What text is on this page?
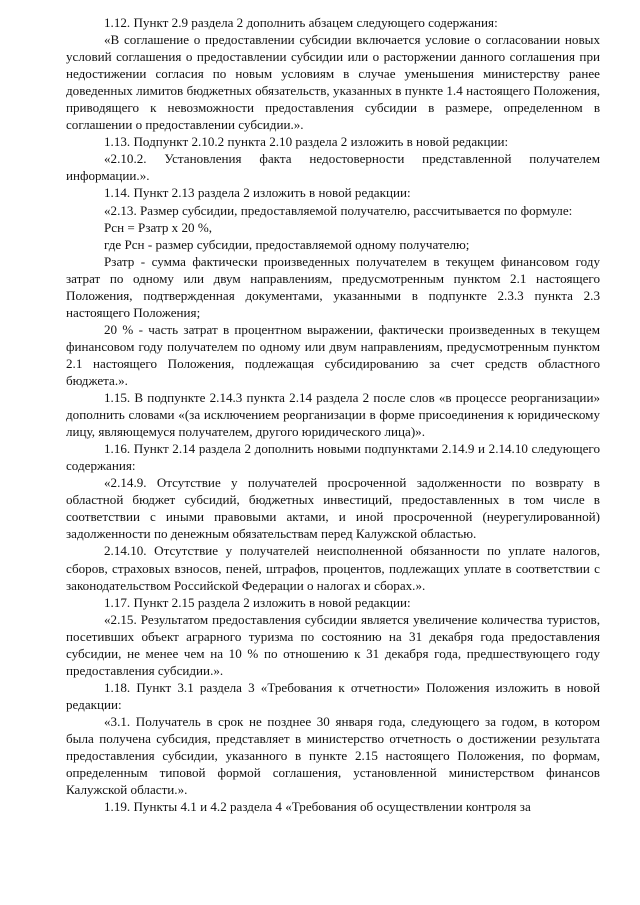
1.12. Пункт 2.9 раздела 2 дополнить абзацем следующего содержания:

«В соглашение о предоставлении субсидии включается условие о согласовании новых условий соглашения о предоставлении субсидии или о расторжении данного соглашения при недостижении согласия по новым условиям в случае уменьшения министерству ранее доведенных лимитов бюджетных обязательств, указанных в пункте 1.4 настоящего Положения, приводящего к невозможности предоставления субсидии в размере, определенном в соглашении о предоставлении субсидии.».

1.13. Подпункт 2.10.2 пункта 2.10 раздела 2 изложить в новой редакции:

«2.10.2. Установления факта недостоверности представленной получателем информации.».

1.14. Пункт 2.13 раздела 2 изложить в новой редакции:

«2.13. Размер субсидии, предоставляемой получателю, рассчитывается по формуле:

Рсн = Рзатр х 20 %,

где Рсн - размер субсидии, предоставляемой одному получателю;

Рзатр - сумма фактически произведенных получателем в текущем финансовом году затрат по одному или двум направлениям, предусмотренным пунктом 2.1 настоящего Положения, подтвержденная документами, указанными в подпункте 2.3.3 пункта 2.3 настоящего Положения;

20 % - часть затрат в процентном выражении, фактически произведенных в текущем финансовом году получателем по одному или двум направлениям, предусмотренным пунктом 2.1 настоящего Положения, подлежащая субсидированию за счет средств областного бюджета.».

1.15. В подпункте 2.14.3 пункта 2.14 раздела 2 после слов «в процессе реорганизации» дополнить словами «(за исключением реорганизации в форме присоединения к юридическому лицу, являющемуся получателем, другого юридического лица)».

1.16. Пункт 2.14 раздела 2 дополнить новыми подпунктами 2.14.9 и 2.14.10 следующего содержания:

«2.14.9. Отсутствие у получателей просроченной задолженности по возврату в областной бюджет субсидий, бюджетных инвестиций, предоставленных в том числе в соответствии с иными правовыми актами, и иной просроченной (неурегулированной) задолженности по денежным обязательствам перед Калужской областью.

2.14.10. Отсутствие у получателей неисполненной обязанности по уплате налогов, сборов, страховых взносов, пеней, штрафов, процентов, подлежащих уплате в соответствии с законодательством Российской Федерации о налогах и сборах.».

1.17. Пункт 2.15 раздела 2 изложить в новой редакции:

«2.15. Результатом предоставления субсидии является увеличение количества туристов, посетивших объект аграрного туризма по состоянию на 31 декабря года предоставления субсидии, не менее чем на 10 % по отношению к 31 декабря года, предшествующего году предоставления субсидии.».

1.18. Пункт 3.1 раздела 3 «Требования к отчетности» Положения изложить в новой редакции:

«3.1. Получатель в срок не позднее 30 января года, следующего за годом, в котором была получена субсидия, представляет в министерство отчетность о достижении результата предоставления субсидии, указанного в пункте 2.15 настоящего Положения, по формам, определенным типовой формой соглашения, установленной министерством финансов Калужской области.».

1.19. Пункты 4.1 и 4.2 раздела 4 «Требования об осуществлении контроля за
